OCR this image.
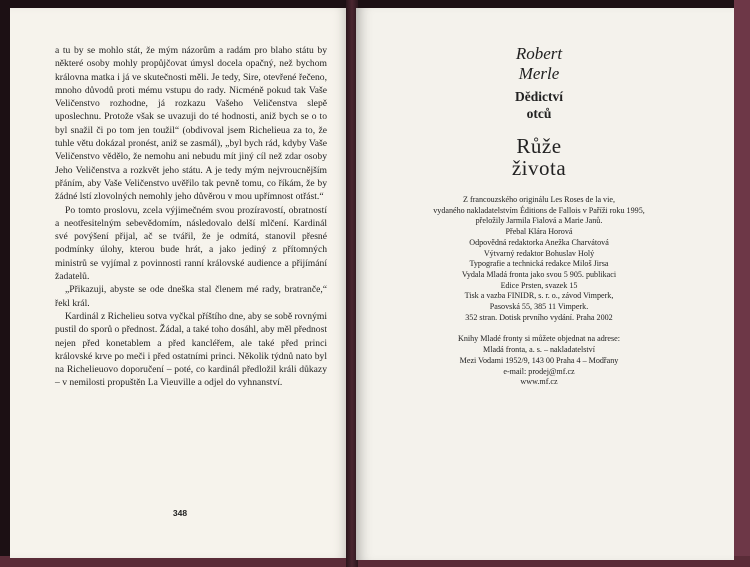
a tu by se mohlo stát, že mým názorům a radám pro blaho státu by některé osoby mohly propůjčovat úmysl docela opačný, než bychom královna matka i já ve skutečnosti měli. Je tedy, Sire, otevřené řečeno, mnoho důvodů proti mému vstupu do rady. Nicméně pokud tak Vaše Veličenstvo rozhodne, já rozkazu Vašeho Veličenstva slepě uposlechnu. Protože však se uvazuji do té hodnosti, aniž bych se o to byl snažil či po tom jen toužil“ (obdivoval jsem Richelieua za to, že tuhle větu dokázal pronést, aniž se zasmál), „byl bych rád, kdyby Vaše Veličenstvo vědělo, že nemohu ani nebudu mít jiný cíl než zdar osoby Jeho Veličenstva a rozkvět jeho státu. A je tedy mým nejvroucnějším přáním, aby Vaše Veličenstvo uvěřilo tak pevně tomu, co říkám, že by žádné lstí zlovolných nemohly jeho důvěrou v mou upřímnost otřást.“

Po tomto proslovu, zcela výjimečném svou prozíravostí, obratností a neotřesitelným sebevědomím, následovalo delší mlčení. Kardinál své povýšení přijal, ač se tvářil, že je odmítá, stanovil přesné podmínky úlohy, kterou bude hrát, a jako jediný z přítomných ministrů se vyjímal z povinnosti ranní královské audience a přijímání žadatelů.

„Přikazuji, abyste se ode dneška stal členem mé rady, bratranče,“ řekl král.

Kardinál z Richelieu sotva vyčkal příštího dne, aby se sobě rovnými pustil do sporů o přednost. Žádal, a také toho dosáhl, aby měl přednost nejen před konetablem a před kancléřem, ale také před princi královské krve po meči i před ostatními princi. Několik týdnů nato byl na Richelieuovo doporučení – poté, co kardinál předložil králi důkazy – v nemilosti propuštěn La Vieuville a odjel do vyhnanství.

348
Robert
Merle
Dědictví
otců
Růže
života
Z francouzského originálu Les Roses de la vie,
vydaného nakladatelstvím Éditions de Fallois v Paříži roku 1995,
přeložily Jarmila Fialová a Marie Janů.
Přebal Klára Horová
Odpovědná redaktorka Anežka Charvátová
Výtvarný redaktor Bohuslav Holý
Typografie a technická redakce Miloš Jirsa
Vydala Mladá fronta jako svou 5 905. publikaci
Edice Prsten, svazek 15
Tisk a vazba FINIDR, s. r. o., závod Vimperk,
Pasovská 55, 385 11 Vimperk.
352 stran. Dotisk prvního vydání. Praha 2002
Knihy Mladé fronty si můžete objednat na adrese:
Mladá fronta, a. s. – nakladatelství
Mezi Vodami 1952/9, 143 00 Praha 4 – Modřany
e-mail: prodej@mf.cz
www.mf.cz
